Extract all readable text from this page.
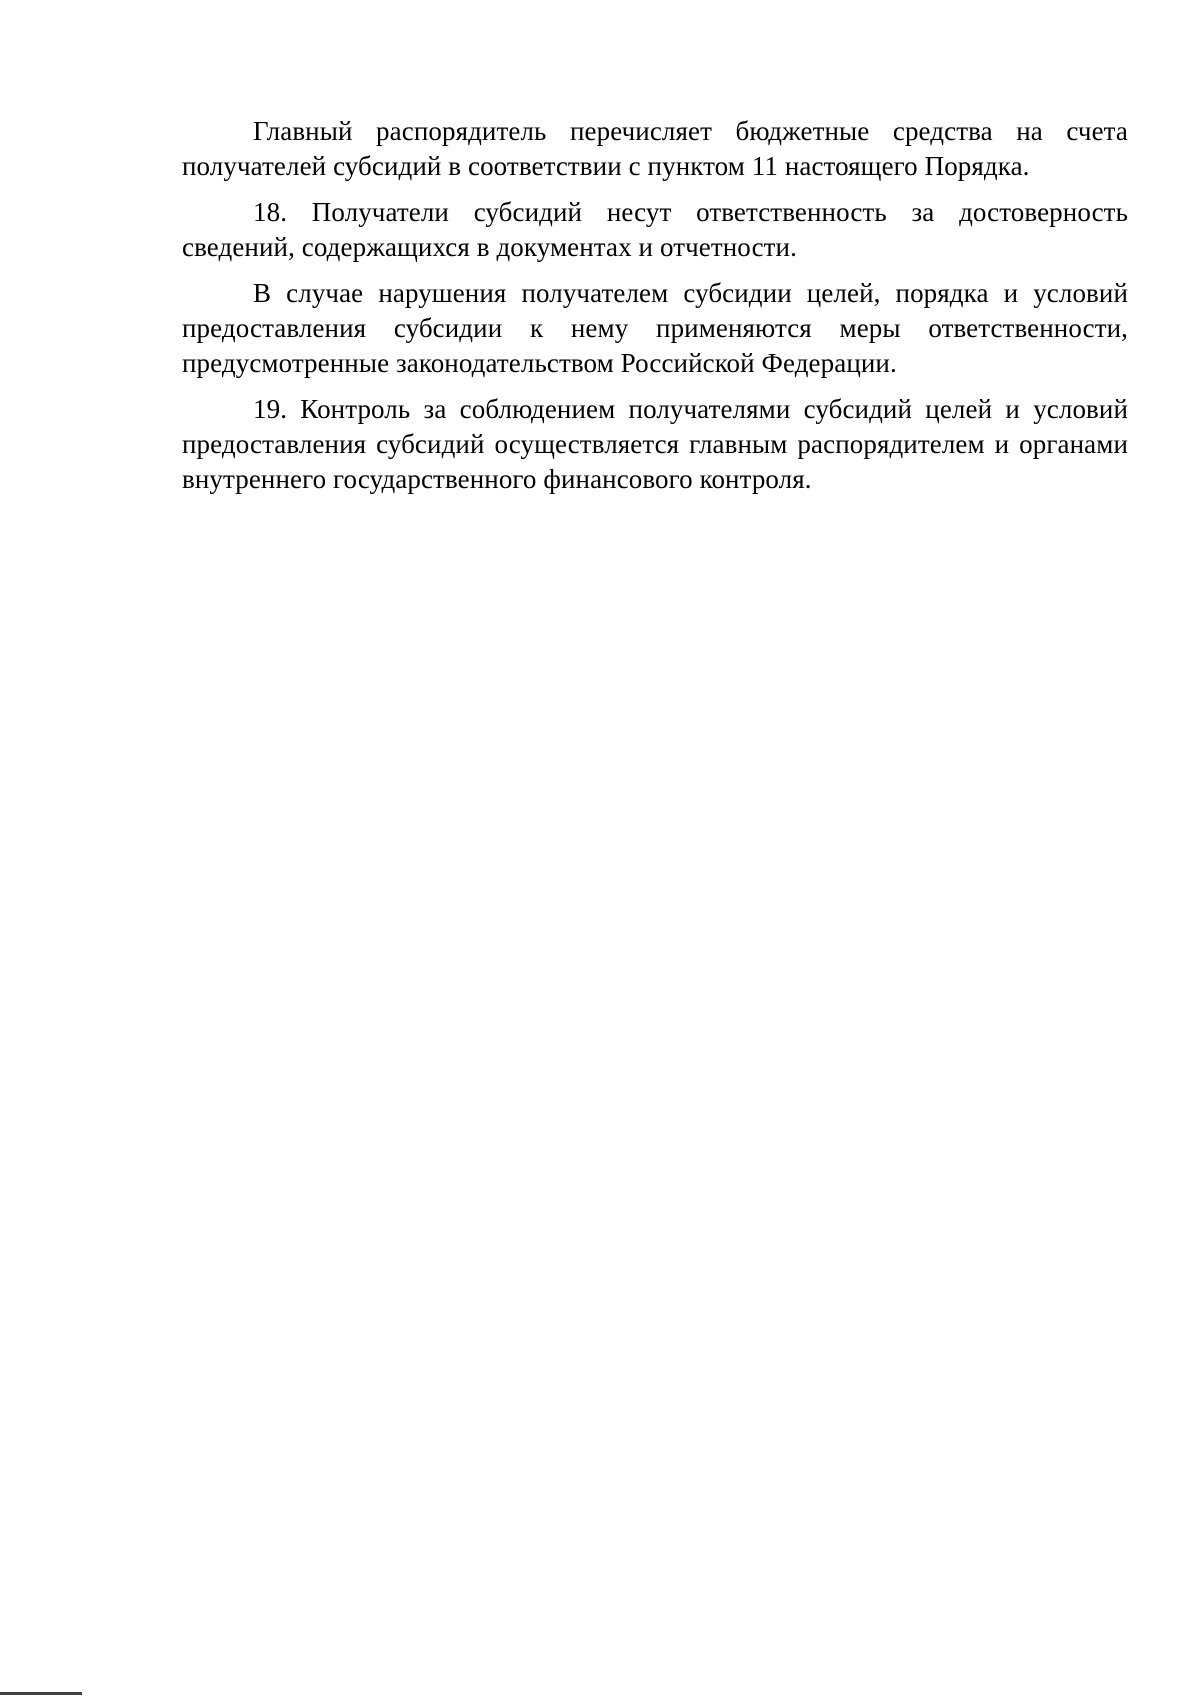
Главный распорядитель перечисляет бюджетные средства на счета получателей субсидий в соответствии с пунктом 11 настоящего Порядка.

18. Получатели субсидий несут ответственность за достоверность сведений, содержащихся в документах и отчетности.

В случае нарушения получателем субсидии целей, порядка и условий предоставления субсидии к нему применяются меры ответственности, предусмотренные законодательством Российской Федерации.

19. Контроль за соблюдением получателями субсидий целей и условий предоставления субсидий осуществляется главным распорядителем и органами внутреннего государственного финансового контроля.
